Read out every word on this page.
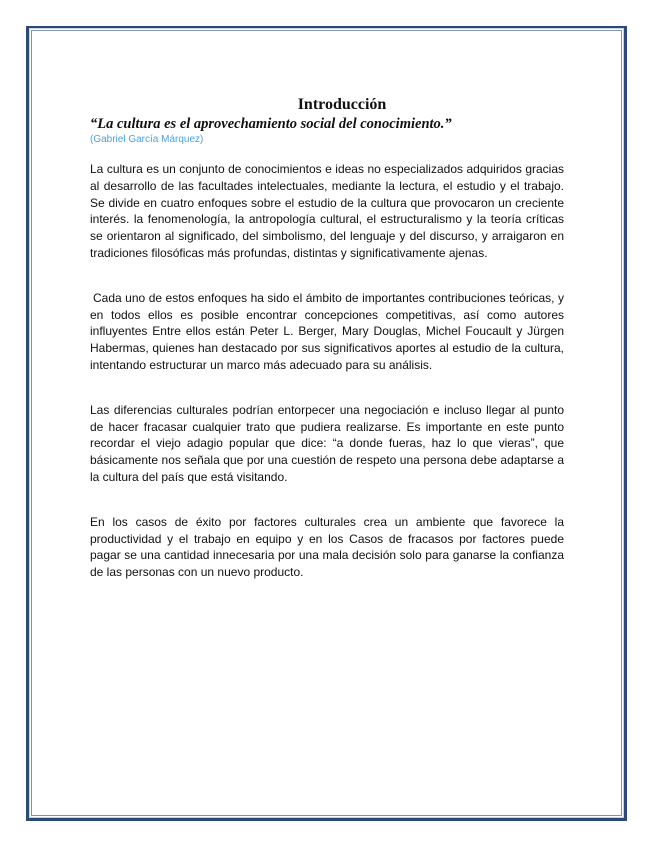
Introducción

“La cultura es el aprovechamiento social del conocimiento.”

(Gabriel García Márquez)

La cultura es un conjunto de conocimientos e ideas no especializados adquiridos gracias al desarrollo de las facultades intelectuales, mediante la lectura, el estudio y el trabajo. Se divide en cuatro enfoques sobre el estudio de la cultura que provocaron un creciente interés. la fenomenología, la antropología cultural, el estructuralismo y la teoría críticas se orientaron al significado, del simbolismo, del lenguaje y del discurso, y arraigaron en tradiciones filosóficas más profundas, distintas y significativamente ajenas.

Cada uno de estos enfoques ha sido el ámbito de importantes contribuciones teóricas, y en todos ellos es posible encontrar concepciones competitivas, así como autores influyentes Entre ellos están Peter L. Berger, Mary Douglas, Michel Foucault y Jürgen Habermas, quienes han destacado por sus significativos aportes al estudio de la cultura, intentando estructurar un marco más adecuado para su análisis.

Las diferencias culturales podrían entorpecer una negociación e incluso llegar al punto de hacer fracasar cualquier trato que pudiera realizarse. Es importante en este punto recordar el viejo adagio popular que dice: “a donde fueras, haz lo que vieras”, que básicamente nos señala que por una cuestión de respeto una persona debe adaptarse a la cultura del país que está visitando.

En los casos de éxito por factores culturales crea un ambiente que favorece la productividad y el trabajo en equipo y en los Casos de fracasos por factores puede pagar se una cantidad innecesaria por una mala decisión solo para ganarse la confianza de las personas con un nuevo producto.
